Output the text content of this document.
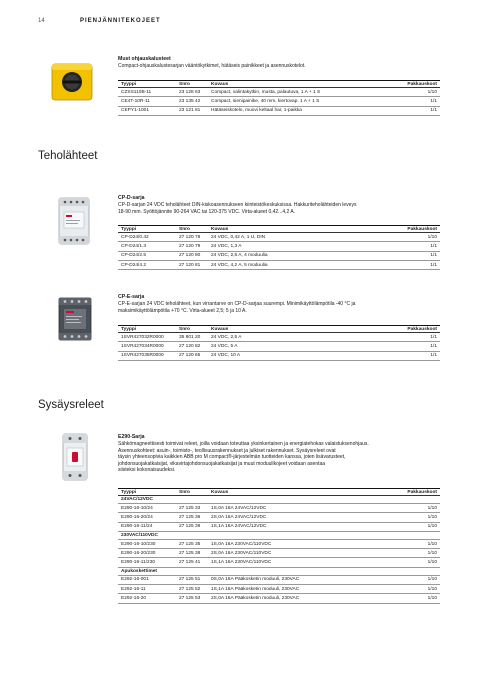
14	PIENJÄNNITEKOJEET
Must ohjauskalusteet
Compact-ohjauskalustesarjan vääntökytkimet, hätäseis painikkeet ja asennuskotelot.
Tyyppi	Snro	Kuvaus	Pakkauskoot
CZSS110B-11	23 128 63	Compact, valintakytkin, musta, palautuva, 1 A + 1 S	1/10
CE4T-10R-11	23 135 42	Compact, sienipainike, 40 mm, kiertovap. 1 A + 1 S	1/1
CEPY1-1001	23 121 81	Hätäseiskotelo, muovi keltaal har, 1-paikka	1/1
Teholähteet
CP-D-sarja
CP-D-sarjan 24 VDC teholähteet DIN-kiskoasennukseen kiinteistökeskuksissa. Hakkuriteholähteiden leveys
18-90 mm. Syöttöjännite 90-264 VAC tai 120-375 VDC. Virta-alueet 0,42...4,2 A.
Tyyppi	Snro	Kuvaus	Pakkauskoot
CP-D24/0.42	27 120 78	24 VDC, 0,42 A, 1 U, DIN	1/10
CP-D24/1.3	27 120 79	24 VDC, 1,3 A	1/1
CP-D24/2.5	27 120 80	24 VDC, 2,5 A, 4 moduulia	1/1
CP-D24/4.2	27 120 81	24 VDC, 4,2 A, 5 moduulia	1/1
CP-E-sarja
CP-E-sarjan 24 VDC teholähteet, kun virrantarve on CP-D-sarjaa suurempi. Minimikäyttölämpötila -40 °C ja
maksimikäyttölämpötila +70 °C. Virta-alueet 2,5; 5 ja 10 A.
Tyyppi	Snro	Kuvaus	Pakkauskoot
1SVR427032R0000	35 801 20	24 VDC, 2,5 A	1/1
1SVR427034R0000	27 120 82	24 VDC, 5 A	1/1
1SVR427035R0000	27 120 65	24 VDC, 10 A	1/1
Sysäysreleet
E290-Sarja
Sähkömagneettisesti toimivat releet, joilla voidaan toteuttaa yksinkertainen ja energiatehokas valaistuksenohjaus.
Asennuskohteet: asuin-, toimisto-, teollisuusrakennukset ja julkiset rakennukset. Sysäysreleet ovat
täysin yhteensopivia kaikkien ABB pro M compact®-järjestelmän tuotteiden kanssa, joten lisävarusteet,
johdonsuojakatkaisijat, vikavirtajohdonsuojakatkaisijat ja muut moduulikojeet voidaan asentaa
siisteksi kokonaisuudeksi.
Tyyppi	Snro	Kuvaus	Pakkauskoot
24VAC/12VDC			
E290-16-10/24	27 125 33	1S,0A 16A 24VAC/12VDC	1/10
E290-16-20/24	27 125 36	2S,0A 16A 24VAC/12VDC	1/10
E290-16-11/24	27 125 39	1S,1A 16A 24VAC/12VDC	1/10
230VAC/110VDC			
E290-16-10/230	27 125 35	1S,0A 16A 230VAC/110VDC	1/10
E290-16-20/230	27 125 38	2S,0A 16A 230VAC/110VDC	1/10
E290-16-11/230	27 125 41	1S,1A 16A 230VAC/110VDC	1/10
Apukoskettimet			
E292-16-001	27 125 51	0S,0A 16A Pääkosketin moduuli, 230VAC	1/10
E292-16-11	27 125 52	1S,1A 16A Pääkosketin moduuli, 230VAC	1/10
E292-16-20	27 125 53	2S,0A 16A Pääkosketin moduuli, 230VAC	1/10
